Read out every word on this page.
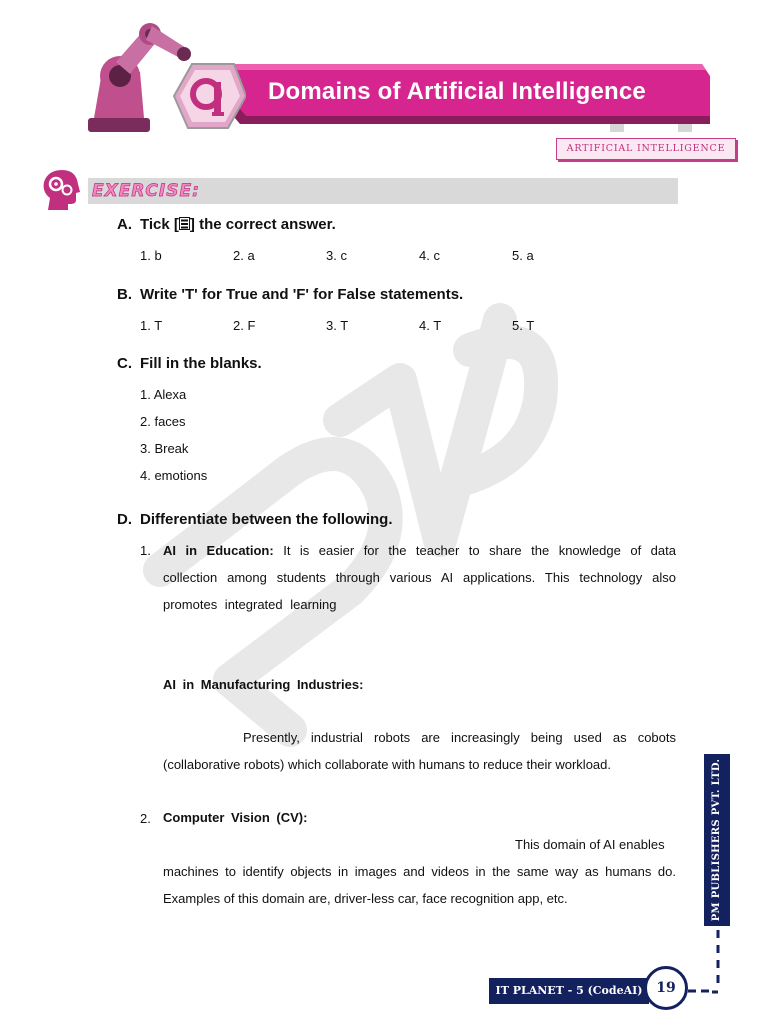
Domains of Artificial Intelligence
ARTIFICIAL INTELLIGENCE
EXERCISE:
A. Tick [ ] the correct answer.
1. b	2. a	3. c	4. c	5. a
B. Write 'T' for True and 'F' for False statements.
1. T	2. F	3. T	4. T	5. T
C. Fill in the blanks.
1. Alexa
2. faces
3. Break
4. emotions
D. Differentiate between the following.
1. AI in Education: It is easier for the teacher to share the knowledge of data
collection among students through various AI applications. This technology also
promotes integrated learning
AI in Manufacturing Industries:
Presently, industrial robots are increasingly being used as cobots
(collaborative robots) which collaborate with humans to reduce their workload.
2. Computer Vision (CV):
This domain of AI enables
machines to identify objects in images and videos in the same way as humans do.
Examples of this domain are, driver-less car, face recognition app, etc.	PM PUBLISHERS PVT. LTD.
IT PLANET - 5 (CodeAI) 19
